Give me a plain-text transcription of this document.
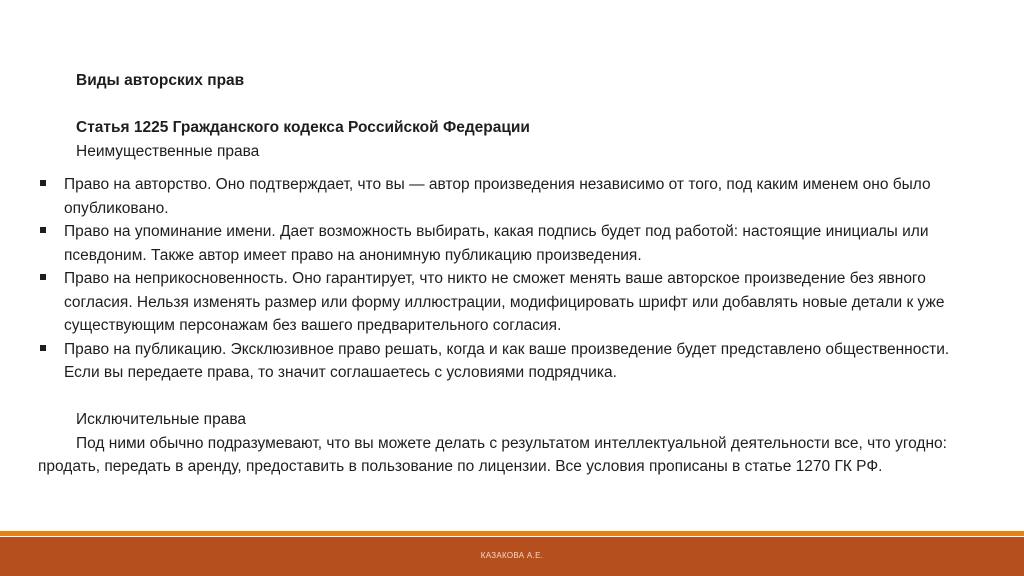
Виды авторских прав
Статья 1225 Гражданского кодекса Российской Федерации
Неимущественные права
Право на авторство. Оно подтверждает, что вы — автор произведения независимо от того, под каким именем оно было опубликовано.
Право на упоминание имени. Дает возможность выбирать, какая подпись будет под работой: настоящие инициалы или псевдоним. Также автор имеет право на анонимную публикацию произведения.
Право на неприкосновенность. Оно гарантирует, что никто не сможет менять ваше авторское произведение без явного согласия. Нельзя изменять размер или форму иллюстрации, модифицировать шрифт или добавлять новые детали к уже существующим персонажам без вашего предварительного согласия.
Право на публикацию. Эксклюзивное право решать, когда и как ваше произведение будет представлено общественности. Если вы передаете права, то значит соглашаетесь с условиями подрядчика.
Исключительные права
Под ними обычно подразумевают, что вы можете делать с результатом интеллектуальной деятельности все, что угодно: продать, передать в аренду, предоставить в пользование по лицензии. Все условия прописаны в статье 1270 ГК РФ.
КАЗАКОВА А.Е.
